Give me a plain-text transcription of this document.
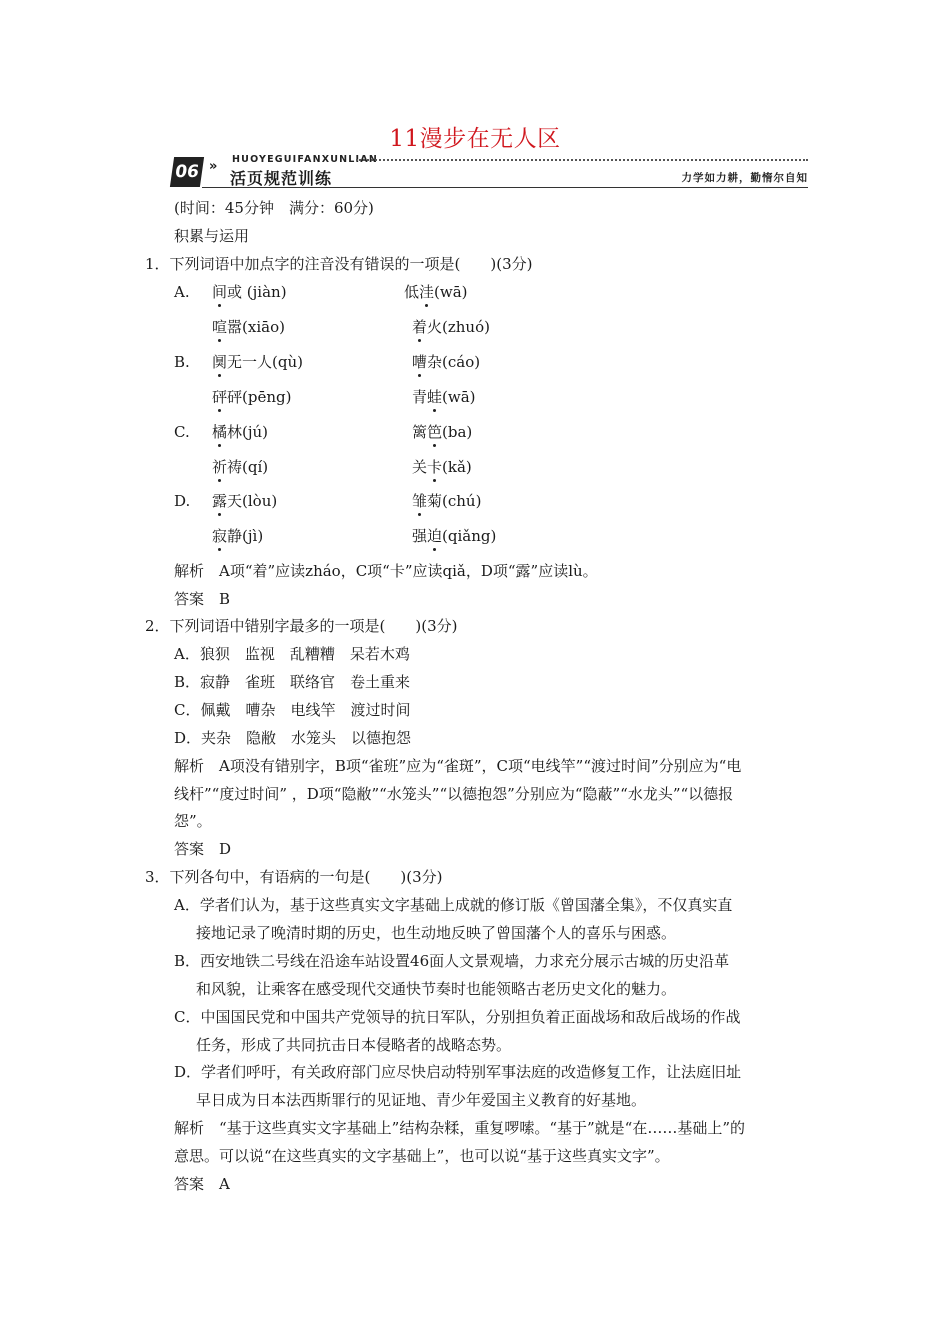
11漫步在无人区
06 » HUOYEGUIFANXUNLIAN
活页规范训练	力学如力耕，勤惰尔自知
(时间：45分钟　满分：60分)
积累与运用
1．下列词语中加点字的注音没有错误的一项是(　　)(3分)
A. 间或 (jiàn)	低洼(wā)
喧嚣(xiāo)	着火(zhuó)
B. 阒无一人(qù)	嘈杂(cáo)
砰砰(pēng)	青蛙(wā)
C. 橘林(jú)	篱笆(ba)
祈祷(qí)	关卡(kǎ)
D. 露天(lòu)	雏菊(chú)
寂静(jì)	强迫(qiǎng)
解析　A项“着”应读zháo，C项“卡”应读qiǎ，D项“露”应读lù。
答案　B
2．下列词语中错别字最多的一项是(　　)(3分)
A．狼狈　监视　乱糟糟　呆若木鸡
B．寂静　雀班　联络官　卷土重来
C．佩戴　嘈杂　电线竿　渡过时间
D．夹杂　隐敝　水笼头　以德抱怨
解析　A项没有错别字，B项“雀班”应为“雀斑”，C项“电线竿”“渡过时间”分别应为“电
线杆”“度过时间” ，D项“隐敝”“水笼头”“以德抱怨”分别应为“隐蔽”“水龙头”“以德报
怨”。
答案　D
3．下列各句中，有语病的一句是(　　)(3分)
A．学者们认为，基于这些真实文字基础上成就的修订版《曾国藩全集》，不仅真实直
接地记录了晚清时期的历史，也生动地反映了曾国藩个人的喜乐与困惑。
B．西安地铁二号线在沿途车站设置46面人文景观墙，力求充分展示古城的历史沿革
和风貌，让乘客在感受现代交通快节奏时也能领略古老历史文化的魅力。
C．中国国民党和中国共产党领导的抗日军队，分别担负着正面战场和敌后战场的作战
任务，形成了共同抗击日本侵略者的战略态势。
D．学者们呼吁，有关政府部门应尽快启动特别军事法庭的改造修复工作，让法庭旧址
早日成为日本法西斯罪行的见证地、青少年爱国主义教育的好基地。
解析　“基于这些真实文字基础上”结构杂糅，重复啰嗦。“基于”就是“在……基础上”的
意思。可以说“在这些真实的文字基础上”，也可以说“基于这些真实文字”。
答案　A
